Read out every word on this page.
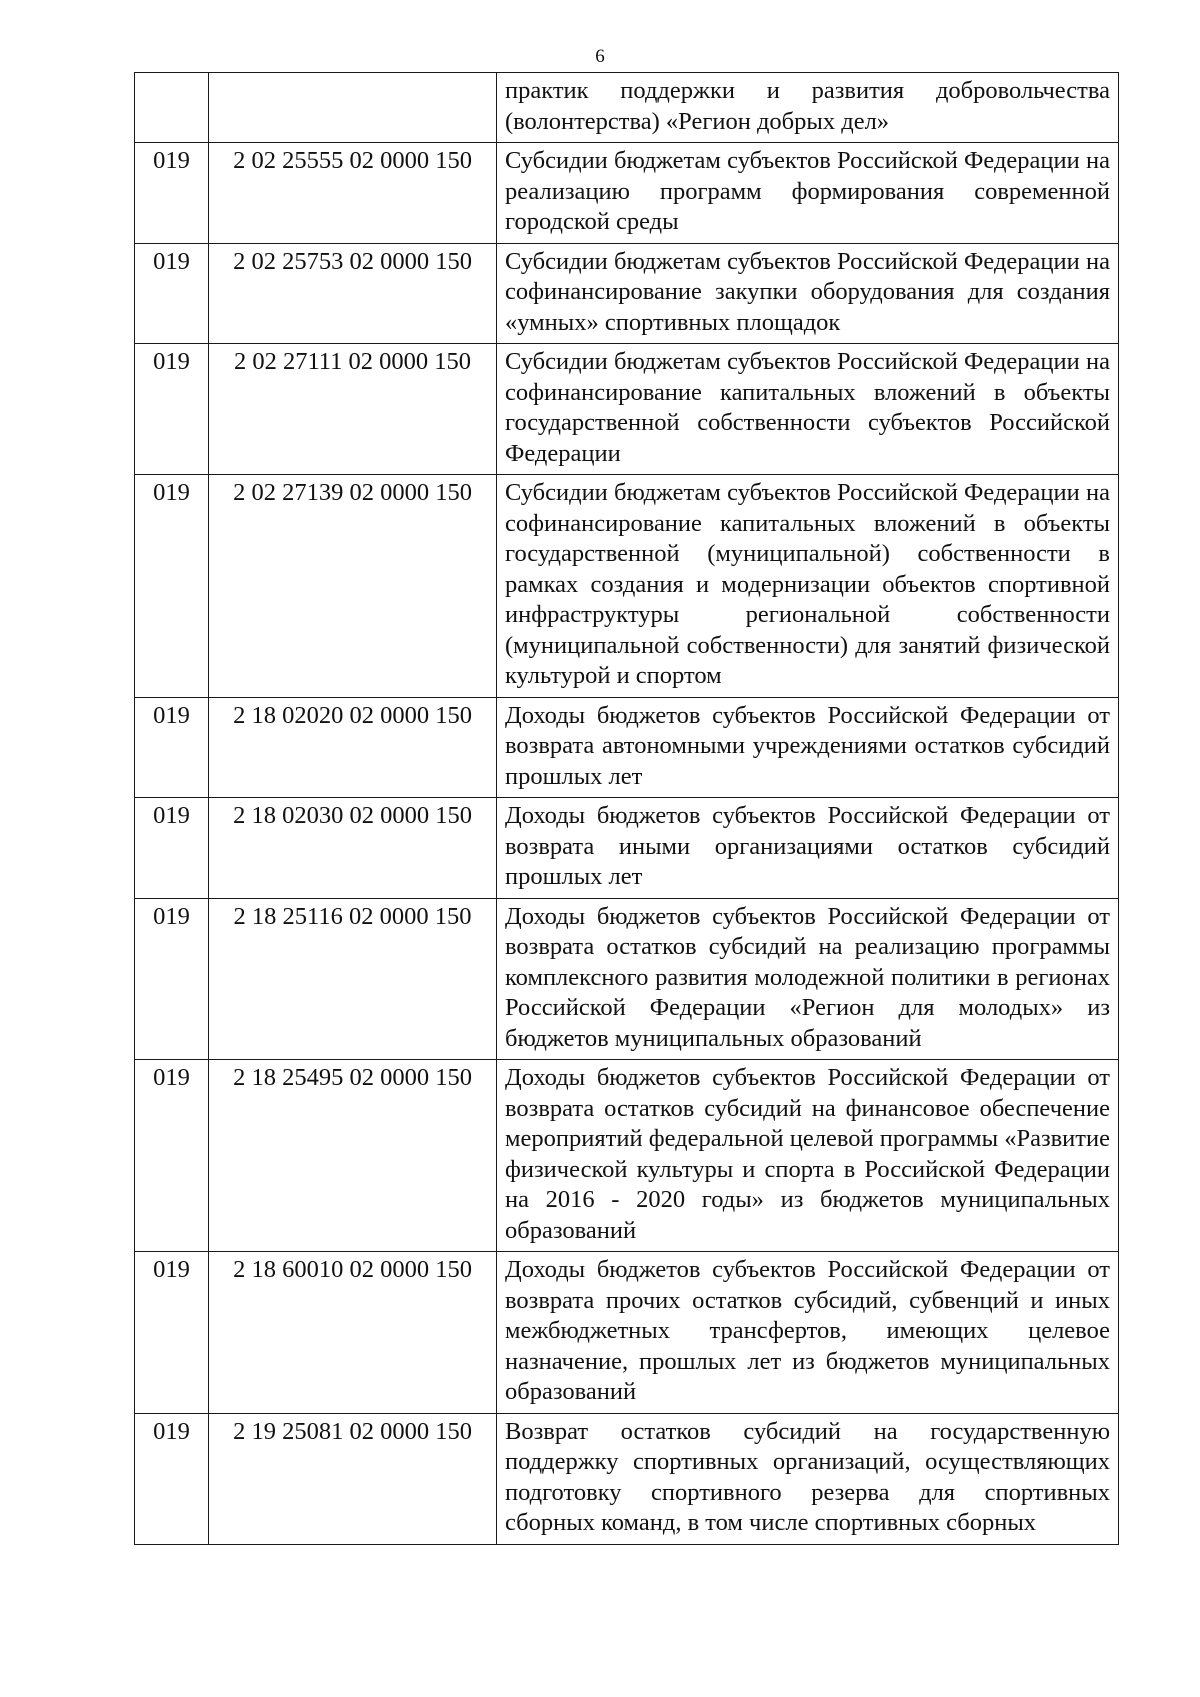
6
		практик поддержки и развития добровольчества (волонтерства) «Регион добрых дел»
019	2 02 25555 02 0000 150	Субсидии бюджетам субъектов Российской Федерации на реализацию программ формирования современной городской среды
019	2 02 25753 02 0000 150	Субсидии бюджетам субъектов Российской Федерации на софинансирование закупки оборудования для создания «умных» спортивных площадок
019	2 02 27111 02 0000 150	Субсидии бюджетам субъектов Российской Федерации на софинансирование капитальных вложений в объекты государственной собственности субъектов Российской Федерации
019	2 02 27139 02 0000 150	Субсидии бюджетам субъектов Российской Федерации на софинансирование капитальных вложений в объекты государственной (муниципальной) собственности в рамках создания и модернизации объектов спортивной инфраструктуры региональной собственности (муниципальной собственности) для занятий физической культурой и спортом
019	2 18 02020 02 0000 150	Доходы бюджетов субъектов Российской Федерации от возврата автономными учреждениями остатков субсидий прошлых лет
019	2 18 02030 02 0000 150	Доходы бюджетов субъектов Российской Федерации от возврата иными организациями остатков субсидий прошлых лет
019	2 18 25116 02 0000 150	Доходы бюджетов субъектов Российской Федерации от возврата остатков субсидий на реализацию программы комплексного развития молодежной политики в регионах Российской Федерации «Регион для молодых» из бюджетов муниципальных образований
019	2 18 25495 02 0000 150	Доходы бюджетов субъектов Российской Федерации от возврата остатков субсидий на финансовое обеспечение мероприятий федеральной целевой программы «Развитие физической культуры и спорта в Российской Федерации на 2016 - 2020 годы» из бюджетов муниципальных образований
019	2 18 60010 02 0000 150	Доходы бюджетов субъектов Российской Федерации от возврата прочих остатков субсидий, субвенций и иных межбюджетных трансфертов, имеющих целевое назначение, прошлых лет из бюджетов муниципальных образований
019	2 19 25081 02 0000 150	Возврат остатков субсидий на государственную поддержку спортивных организаций, осуществляющих подготовку спортивного резерва для спортивных сборных команд, в том числе спортивных сборных
